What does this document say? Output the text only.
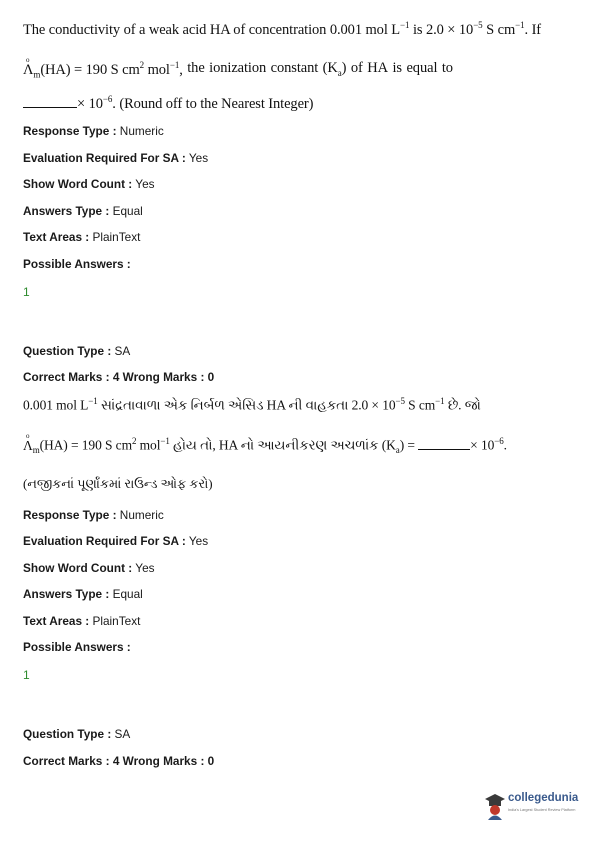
The conductivity of a weak acid HA of concentration 0.001 mol $L^{-1}$ is $2.0 \times 10^{-5}$ S $cm^{-1}$. If
o
$\Lambda_m(HA) = 190$ S $cm^2$ mol$^{-1}$, the ionization constant $(K_a)$ of HA is equal to
× $10^{-6}$. (Round off to the Nearest Integer)
Response Type : Numeric
Evaluation Required For SA : Yes
Show Word Count : Yes
Answers Type : Equal
Text Areas : PlainText
Possible Answers :
1
Question Type : SA
Correct Marks : 4 Wrong Marks : 0
0.001 mol $L^{-1}$ સાંદ્રતાવાળા એક નિર્બળ એસિડ HA ની વાહકતા $2.0 \times 10^{-5}$ S $cm^{-1}$ છે. જો
o
$\Lambda_m(HA) = 190$ S $cm^2$ mol$^{-1}$ હોય તો, HA નો આયનીકરણ અચળાંક $(K_a)$ =	× $10^{-6}$.
(નજીકનાં પૂર્ણાંકમાં રાઉન્ડ ઓફ કરો)
Response Type : Numeric
Evaluation Required For SA : Yes
Show Word Count : Yes
Answers Type : Equal
Text Areas : PlainText
Possible Answers :
1
Question Type : SA
Correct Marks : 4 Wrong Marks : 0
collegedunia
India's Largest Student Review Platform
